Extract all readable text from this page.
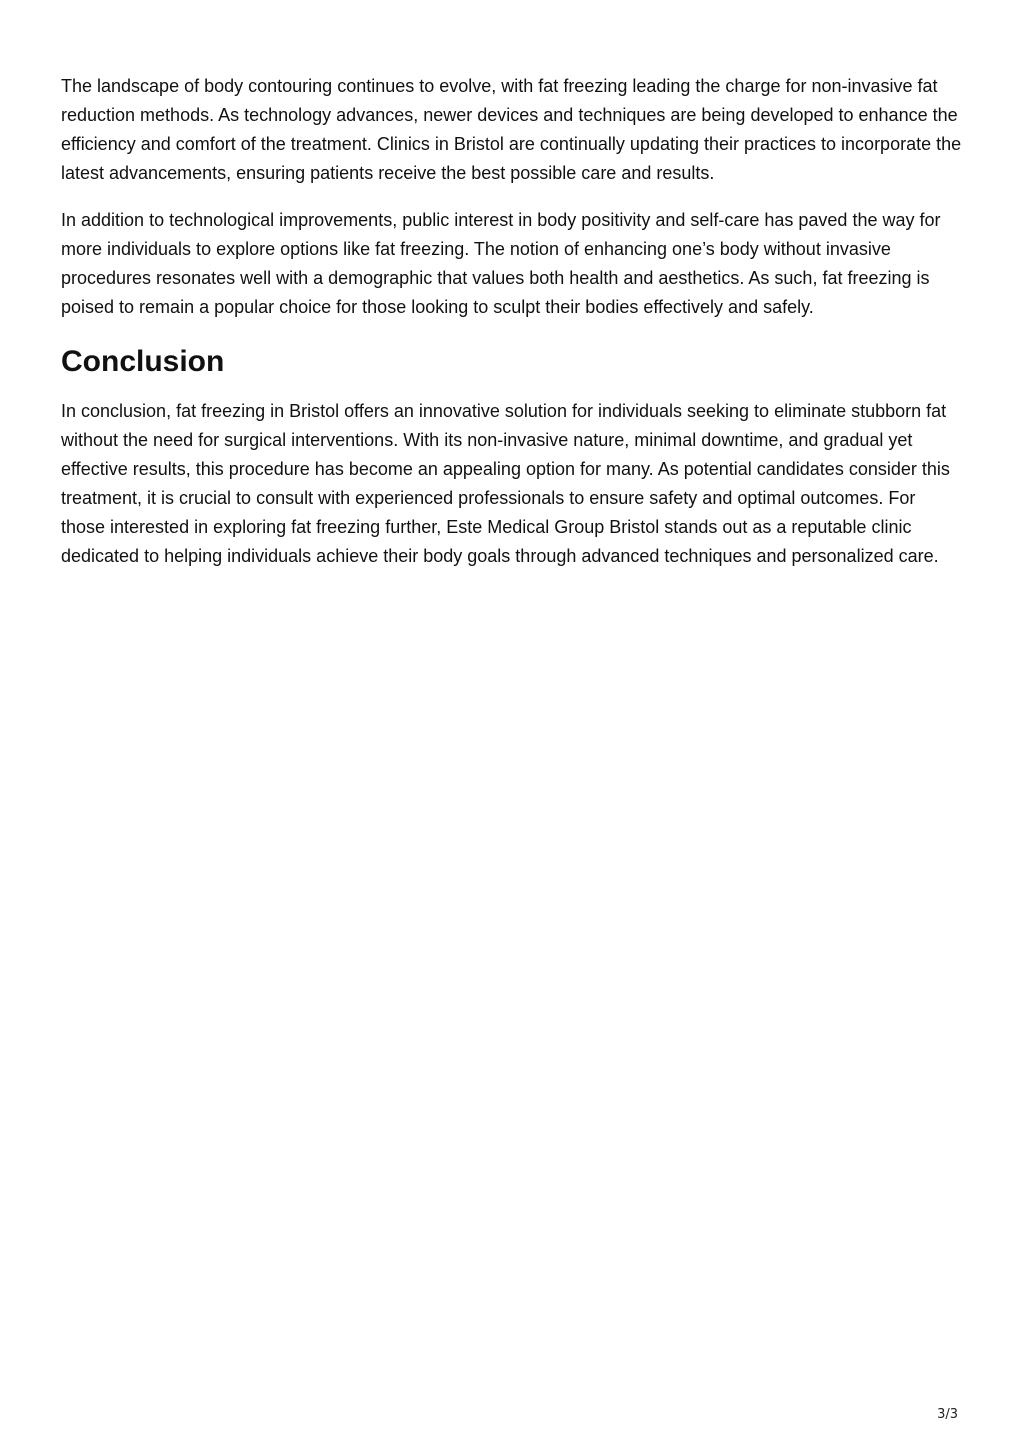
The landscape of body contouring continues to evolve, with fat freezing leading the charge for non-invasive fat reduction methods. As technology advances, newer devices and techniques are being developed to enhance the efficiency and comfort of the treatment. Clinics in Bristol are continually updating their practices to incorporate the latest advancements, ensuring patients receive the best possible care and results.

In addition to technological improvements, public interest in body positivity and self-care has paved the way for more individuals to explore options like fat freezing. The notion of enhancing one’s body without invasive procedures resonates well with a demographic that values both health and aesthetics. As such, fat freezing is poised to remain a popular choice for those looking to sculpt their bodies effectively and safely.

Conclusion

In conclusion, fat freezing in Bristol offers an innovative solution for individuals seeking to eliminate stubborn fat without the need for surgical interventions. With its non-invasive nature, minimal downtime, and gradual yet effective results, this procedure has become an appealing option for many. As potential candidates consider this treatment, it is crucial to consult with experienced professionals to ensure safety and optimal outcomes. For those interested in exploring fat freezing further, Este Medical Group Bristol stands out as a reputable clinic dedicated to helping individuals achieve their body goals through advanced techniques and personalized care.

3/3
